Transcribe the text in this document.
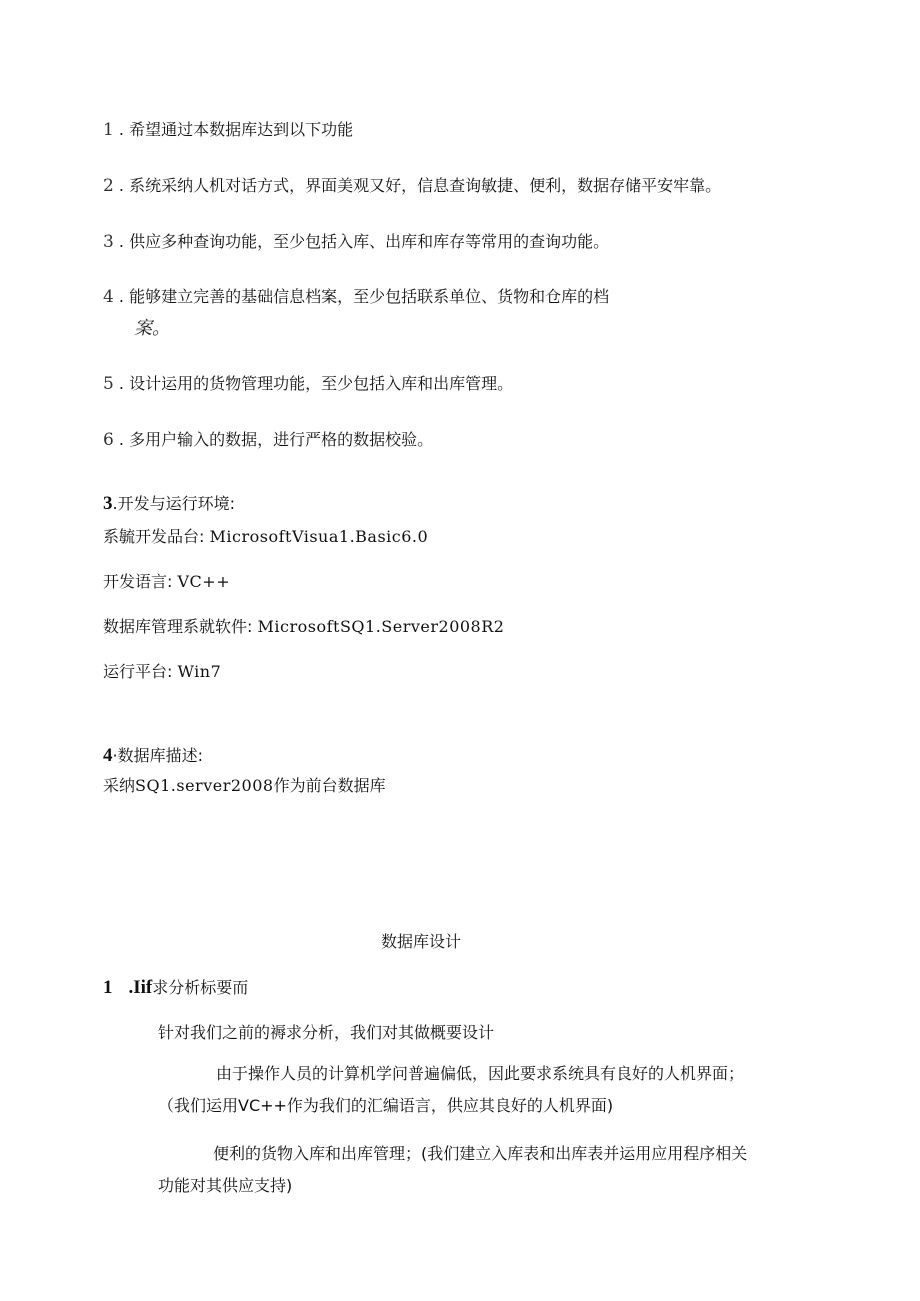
1 . 希望通过本数据库达到以下功能
2 . 系统采纳人机对话方式，界面美观又好，信息查询敏捷、便利，数据存储平安牢靠。
3 . 供应多种查询功能，至少包括入库、出库和库存等常用的查询功能。
4 . 能够建立完善的基础信息档案，至少包括联系单位、货物和仓库的档
案。
5 . 设计运用的货物管理功能，至少包括入库和出库管理。
6 . 多用户输入的数据，进行严格的数据校验。
3.开发与运行环境:
系毓开发品台: MicrosoftVisua1.Basic6.0
开发语言: VC++
数据库管理系就软件: MicrosoftSQ1.Server2008R2
运行平台: Win7
4·数据库描述:
采纳SQ1.server2008作为前台数据库
数据库设计
1 .Iif求分析标要而
针对我们之前的褥求分析，我们对其做概要设计
由于操作人员的计算机学问普遍偏低，因此要求系统具有良好的人机界面；（我们运用VC++作为我们的汇编语言，供应其良好的人机界面)
便利的货物入库和出库管理；(我们建立入库表和出库表并运用应用程序相关功能对其供应支持)
